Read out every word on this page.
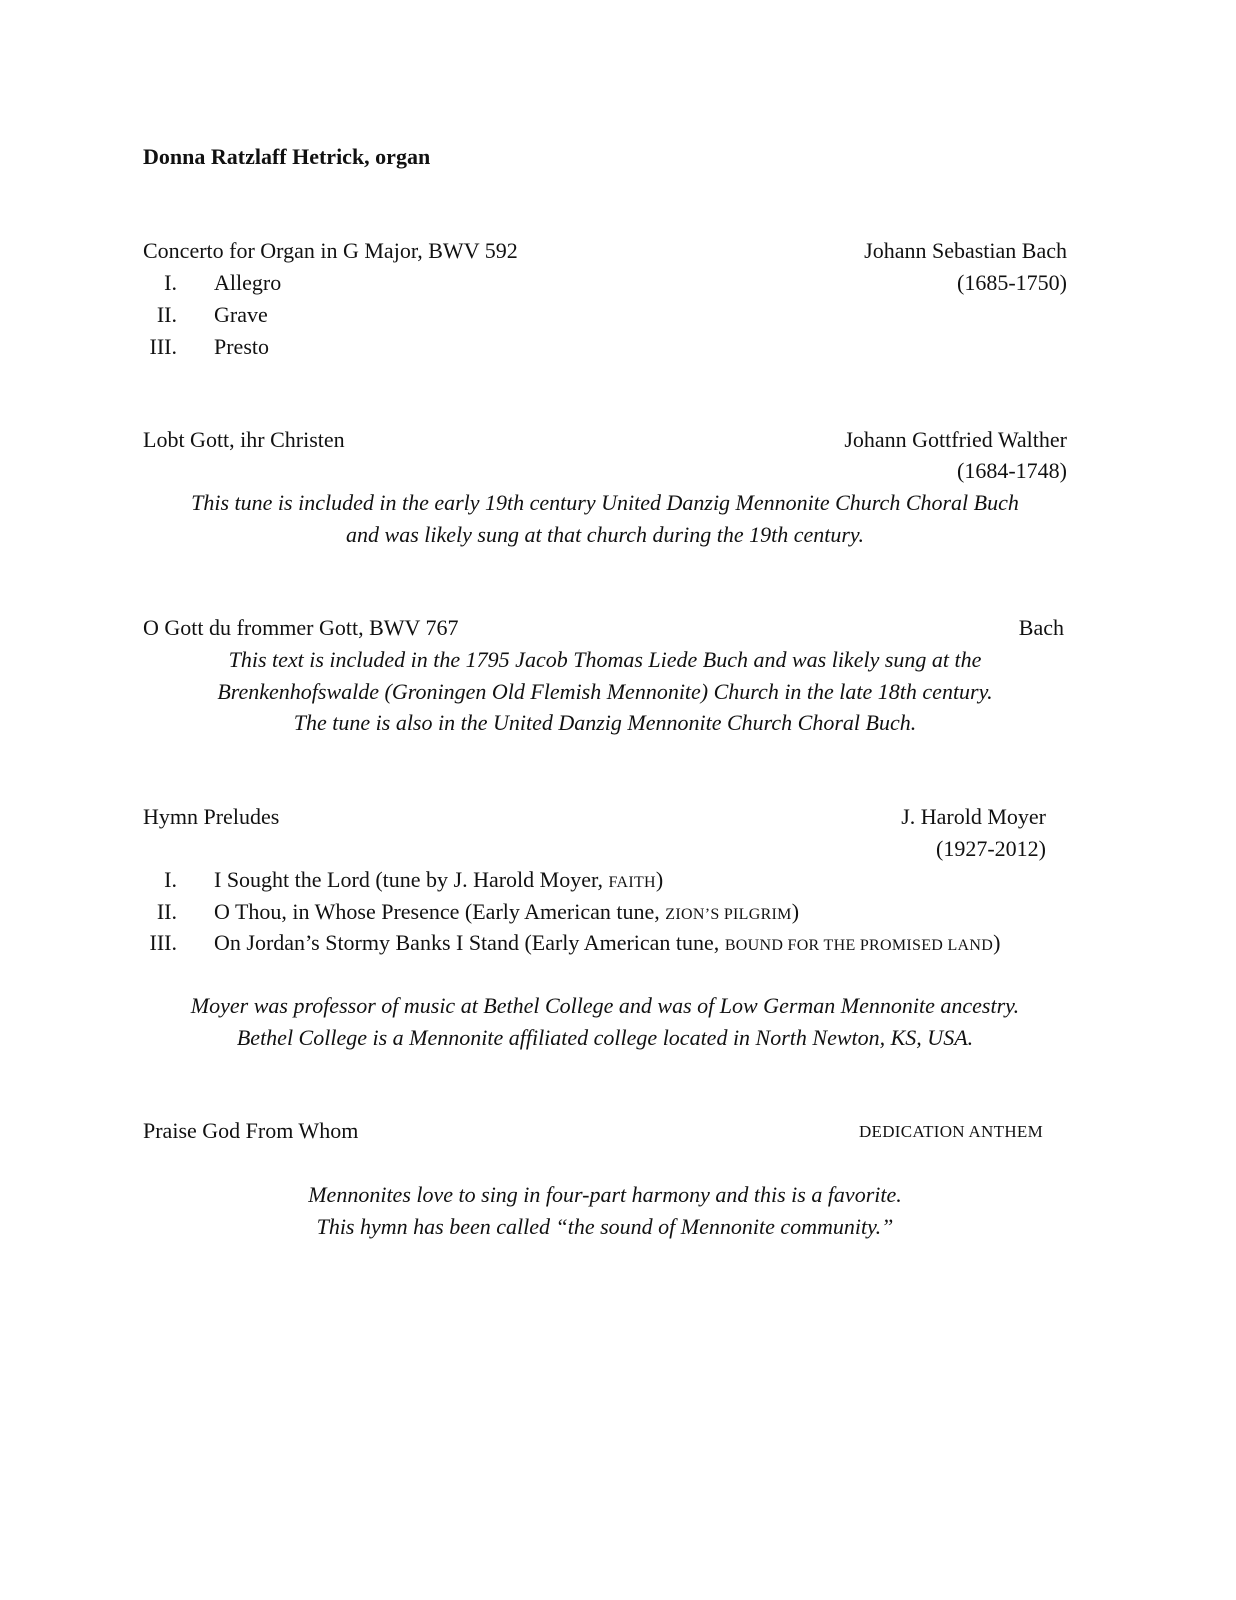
Donna Ratzlaff Hetrick, organ
Concerto for Organ in G Major, BWV 592	Johann Sebastian Bach
(1685-1750)
I. Allegro
II. Grave
III. Presto
Lobt Gott, ihr Christen	Johann Gottfried Walther
(1684-1748)
This tune is included in the early 19th century United Danzig Mennonite Church Choral Buch
and was likely sung at that church during the 19th century.
O Gott du frommer Gott, BWV 767	Bach
This text is included in the 1795 Jacob Thomas Liede Buch and was likely sung at the
Brenkenhofswalde (Groningen Old Flemish Mennonite) Church in the late 18th century.
The tune is also in the United Danzig Mennonite Church Choral Buch.
Hymn Preludes	J. Harold Moyer
(1927-2012)
I. I Sought the Lord (tune by J. Harold Moyer, FAITH)
II. O Thou, in Whose Presence (Early American tune, ZION’S PILGRIM)
III. On Jordan’s Stormy Banks I Stand (Early American tune, BOUND FOR THE PROMISED LAND)
Moyer was professor of music at Bethel College and was of Low German Mennonite ancestry.
Bethel College is a Mennonite affiliated college located in North Newton, KS, USA.
Praise God From Whom	DEDICATION ANTHEM
Mennonites love to sing in four-part harmony and this is a favorite.
This hymn has been called “the sound of Mennonite community.”
